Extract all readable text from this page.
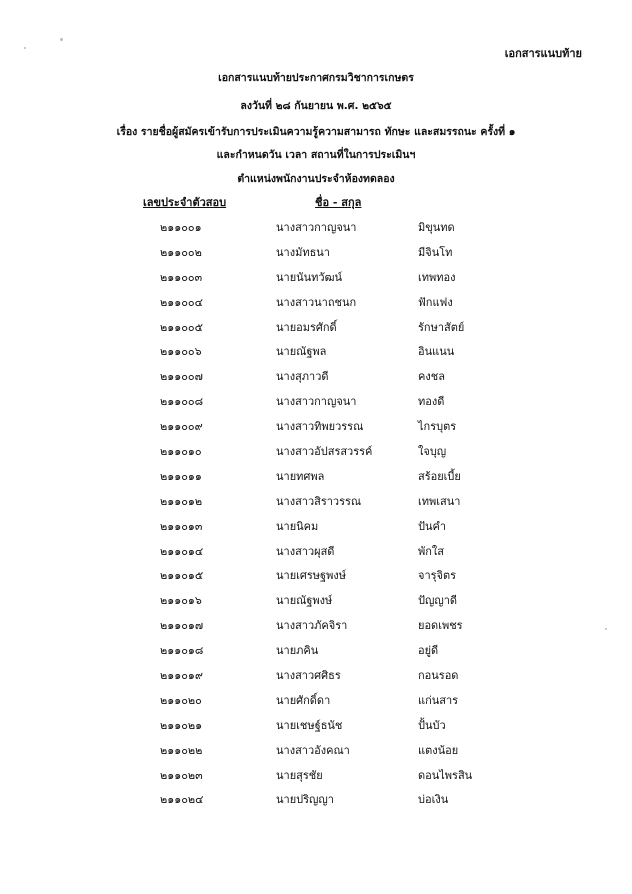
เอกสารแนบท้าย
เอกสารแนบท้ายประกาศกรมวิชาการเกษตร
ลงวันที่ ๒๘ กันยายน พ.ศ. ๒๕๖๕
เรื่อง รายชื่อผู้สมัครเข้ารับการประเมินความรู้ความสามารถ ทักษะ และสมรรถนะ ครั้งที่ ๑
และกำหนดวัน เวลา สถานที่ในการประเมินฯ
ตำแหน่งพนักงานประจำห้องทดลอง
เลขประจำตัวสอบ	ชื่อ - สกุล
๒๑๑๐๐๑	นางสาวกาญจนา	มิขุนทด
๒๑๑๐๐๒	นางมัทธนา	มีจินโท
๒๑๑๐๐๓	นายนันทวัฒน์	เทพทอง
๒๑๑๐๐๔	นางสาวนาถชนก	ฟักแฟง
๒๑๑๐๐๕	นายอมรศักดิ์	รักษาสัตย์
๒๑๑๐๐๖	นายณัฐพล	อินแนน
๒๑๑๐๐๗	นางสุภาวดี	คงชล
๒๑๑๐๐๘	นางสาวกาญจนา	ทองดี
๒๑๑๐๐๙	นางสาวทิพยวรรณ	ไกรบุตร
๒๑๑๐๑๐	นางสาวอัปสรสวรรค์	ใจบุญ
๒๑๑๐๑๑	นายทศพล	สร้อยเบี้ย
๒๑๑๐๑๒	นางสาวสิราวรรณ	เทพเสนา
๒๑๑๐๑๓	นายนิคม	ปันคำ
๒๑๑๐๑๔	นางสาวผุสดี	พักใส
๒๑๑๐๑๕	นายเศรษฐพงษ์	จารุจิตร
๒๑๑๐๑๖	นายณัฐพงษ์	ปัญญาดี
๒๑๑๐๑๗	นางสาวภัคจิรา	ยอดเพชร
๒๑๑๐๑๘	นายภคิน	อยู่ดี
๒๑๑๐๑๙	นางสาวศศิธร	กอนรอด
๒๑๑๐๒๐	นายศักดิ์ดา	แก่นสาร
๒๑๑๐๒๑	นายเชษฐ์ธนัช	ปั้นบัว
๒๑๑๐๒๒	นางสาวอังคณา	แตงน้อย
๒๑๑๐๒๓	นายสุรชัย	ดอนไพรสิน
๒๑๑๐๒๔	นายปริญญา	บ่อเงิน
